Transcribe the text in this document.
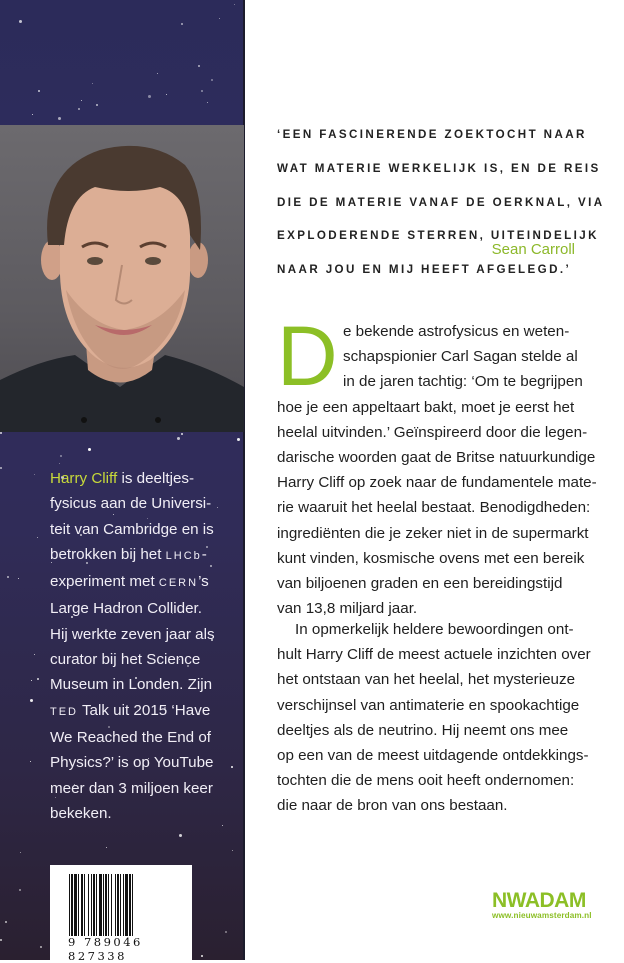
Harry Cliff is deeltjes-
fysicus aan de Universi-
teit van Cambridge en is
betrokken bij het LHCb-
experiment met CERN’s
Large Hadron Collider.
Hij werkte zeven jaar als
curator bij het Science
Museum in Londen. Zijn
TED Talk uit 2015 ‘Have
We Reached the End of
Physics?’ is op YouTube
meer dan 3 miljoen keer
bekeken.
9 789046 827338
‘EEN FASCINERENDE ZOEKTOCHT NAAR
WAT MATERIE WERKELIJK IS, EN DE REIS
DIE DE MATERIE VANAF DE OERKNAL, VIA
EXPLODERENDE STERREN, UITEINDELIJK
NAAR JOU EN MIJ HEEFT AFGELEGD.’
Sean Carroll
D e bekende astrofysicus en weten-
schapspionier Carl Sagan stelde al
in de jaren tachtig: ‘Om te begrijpen
hoe je een appeltaart bakt, moet je eerst het
heelal uitvinden.’ Geïnspireerd door die legen-
darische woorden gaat de Britse natuurkundige
Harry Cliff op zoek naar de fundamentele mate-
rie waaruit het heelal bestaat. Benodigdheden:
ingrediënten die je zeker niet in de supermarkt
kunt vinden, kosmische ovens met een bereik
van biljoenen graden en een bereidingstijd
van 13,8 miljard jaar.
In opmerkelijk heldere bewoordingen ont-
hult Harry Cliff de meest actuele inzichten over
het ontstaan van het heelal, het mysterieuze
verschijnsel van antimaterie en spookachtige
deeltjes als de neutrino. Hij neemt ons mee
op een van de meest uitdagende ontdekkings-
tochten die de mens ooit heeft ondernomen:
die naar de bron van ons bestaan.
NWADAM
www.nieuwamsterdam.nl
